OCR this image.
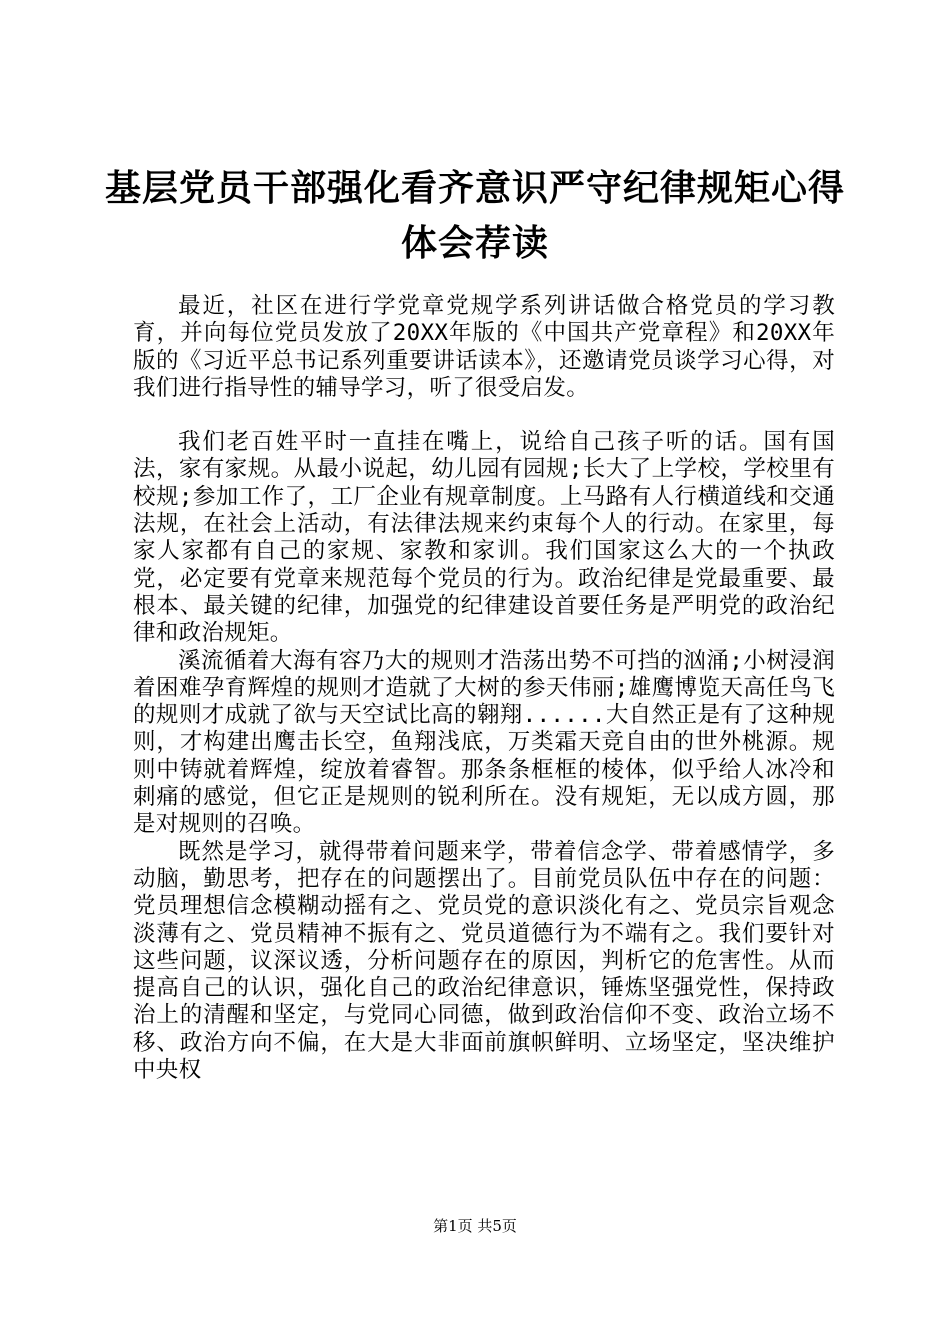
基层党员干部强化看齐意识严守纪律规矩心得
体会荐读

最近，社区在进行学党章党规学系列讲话做合格党员的学习教育，并向每位党员发放了20XX年版的《中国共产党章程》和20XX年版的《习近平总书记系列重要讲话读本》，还邀请党员谈学习心得，对我们进行指导性的辅导学习，听了很受启发。

我们老百姓平时一直挂在嘴上，说给自己孩子听的话。国有国法，家有家规。从最小说起，幼儿园有园规;长大了上学校，学校里有校规;参加工作了，工厂企业有规章制度。上马路有人行横道线和交通法规，在社会上活动，有法律法规来约束每个人的行动。在家里，每家人家都有自己的家规、家教和家训。我们国家这么大的一个执政党，必定要有党章来规范每个党员的行为。政治纪律是党最重要、最根本、最关键的纪律，加强党的纪律建设首要任务是严明党的政治纪律和政治规矩。

溪流循着大海有容乃大的规则才浩荡出势不可挡的汹涌;小树浸润着困难孕育辉煌的规则才造就了大树的参天伟丽;雄鹰博览天高任鸟飞的规则才成就了欲与天空试比高的翱翔......大自然正是有了这种规则，才构建出鹰击长空，鱼翔浅底，万类霜天竞自由的世外桃源。规则中铸就着辉煌，绽放着睿智。那条条框框的棱体，似乎给人冰冷和刺痛的感觉，但它正是规则的锐利所在。没有规矩，无以成方圆，那是对规则的召唤。

既然是学习，就得带着问题来学，带着信念学、带着感情学，多动脑，勤思考，把存在的问题摆出了。目前党员队伍中存在的问题：党员理想信念模糊动摇有之、党员党的意识淡化有之、党员宗旨观念淡薄有之、党员精神不振有之、党员道德行为不端有之。我们要针对这些问题，议深议透，分析问题存在的原因，判析它的危害性。从而提高自己的认识，强化自己的政治纪律意识，锤炼坚强党性，保持政治上的清醒和坚定，与党同心同德，做到政治信仰不变、政治立场不移、政治方向不偏，在大是大非面前旗帜鲜明、立场坚定，坚决维护中央权

第1页 共5页
